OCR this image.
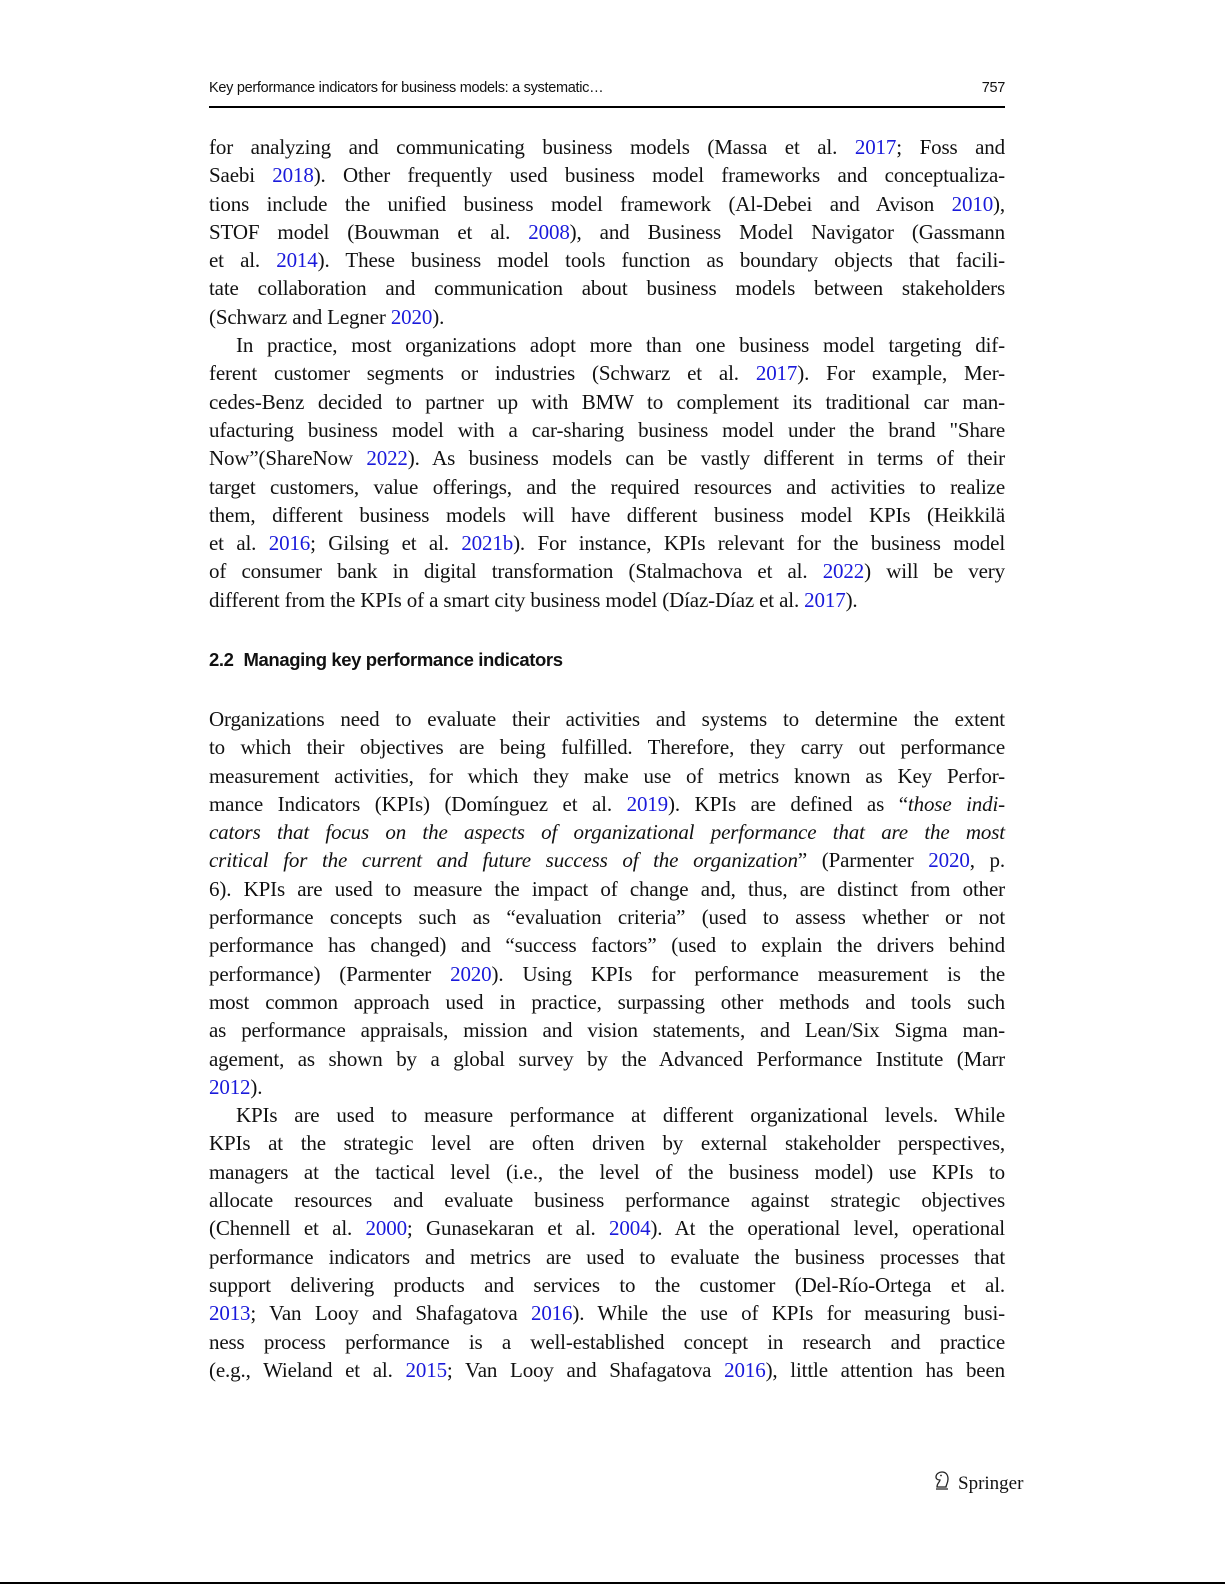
Key performance indicators for business models: a systematic…	757
for analyzing and communicating business models (Massa et al. 2017; Foss and
Saebi 2018). Other frequently used business model frameworks and conceptualiza-
tions include the unified business model framework (Al-Debei and Avison 2010),
STOF model (Bouwman et al. 2008), and Business Model Navigator (Gassmann
et al. 2014). These business model tools function as boundary objects that facili-
tate collaboration and communication about business models between stakeholders
(Schwarz and Legner 2020).
In practice, most organizations adopt more than one business model targeting dif-
ferent customer segments or industries (Schwarz et al. 2017). For example, Mer-
cedes-Benz decided to partner up with BMW to complement its traditional car man-
ufacturing business model with a car-sharing business model under the brand "Share
Now”(ShareNow 2022). As business models can be vastly different in terms of their
target customers, value offerings, and the required resources and activities to realize
them, different business models will have different business model KPIs (Heikkilä
et al. 2016; Gilsing et al. 2021b). For instance, KPIs relevant for the business model
of consumer bank in digital transformation (Stalmachova et al. 2022) will be very
different from the KPIs of a smart city business model (Díaz-Díaz et al. 2017).
2.2 Managing key performance indicators
Organizations need to evaluate their activities and systems to determine the extent
to which their objectives are being fulfilled. Therefore, they carry out performance
measurement activities, for which they make use of metrics known as Key Perfor-
mance Indicators (KPIs) (Domínguez et al. 2019). KPIs are defined as “those indi-
cators that focus on the aspects of organizational performance that are the most
critical for the current and future success of the organization” (Parmenter 2020, p.
6). KPIs are used to measure the impact of change and, thus, are distinct from other
performance concepts such as “evaluation criteria” (used to assess whether or not
performance has changed) and “success factors” (used to explain the drivers behind
performance) (Parmenter 2020). Using KPIs for performance measurement is the
most common approach used in practice, surpassing other methods and tools such
as performance appraisals, mission and vision statements, and Lean/Six Sigma man-
agement, as shown by a global survey by the Advanced Performance Institute (Marr
2012).
KPIs are used to measure performance at different organizational levels. While
KPIs at the strategic level are often driven by external stakeholder perspectives,
managers at the tactical level (i.e., the level of the business model) use KPIs to
allocate resources and evaluate business performance against strategic objectives
(Chennell et al. 2000; Gunasekaran et al. 2004). At the operational level, operational
performance indicators and metrics are used to evaluate the business processes that
support delivering products and services to the customer (Del-Río-Ortega et al.
2013; Van Looy and Shafagatova 2016). While the use of KPIs for measuring busi-
ness process performance is a well-established concept in research and practice
(e.g., Wieland et al. 2015; Van Looy and Shafagatova 2016), little attention has been
Springer
